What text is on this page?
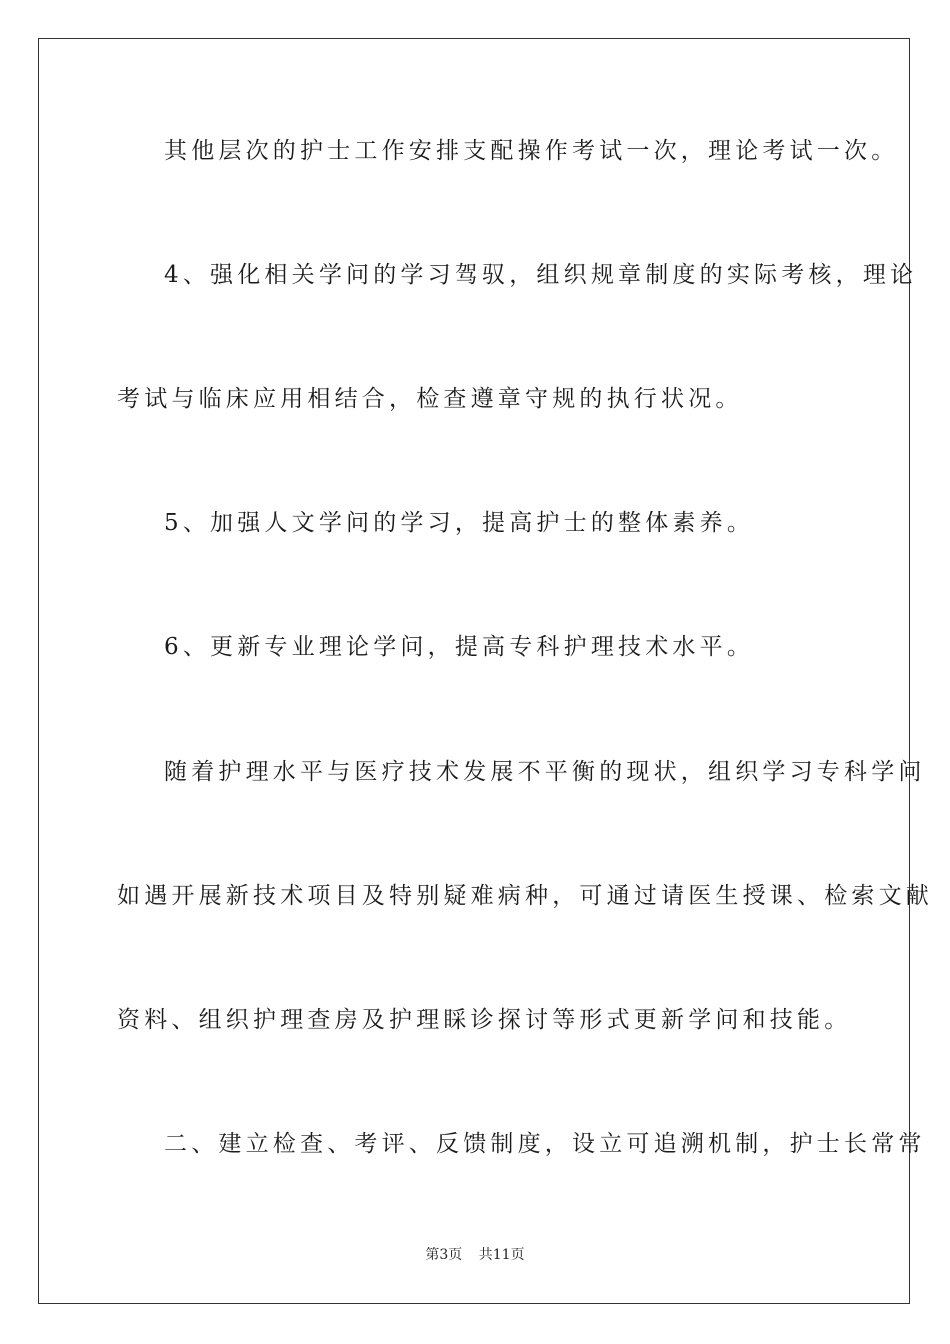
其他层次的护士工作安排支配操作考试一次，理论考试一次。
4、强化相关学问的学习驾驭，组织规章制度的实际考核，理论
考试与临床应用相结合，检查遵章守规的执行状况。
5、加强人文学问的学习，提高护士的整体素养。
6、更新专业理论学问，提高专科护理技术水平。
随着护理水平与医疗技术发展不平衡的现状，组织学习专科学问
如遇开展新技术项目及特别疑难病种，可通过请医生授课、检索文献
资料、组织护理查房及护理睬诊探讨等形式更新学问和技能。
二、建立检查、考评、反馈制度，设立可追溯机制，护士长常常
第3页 共11页
